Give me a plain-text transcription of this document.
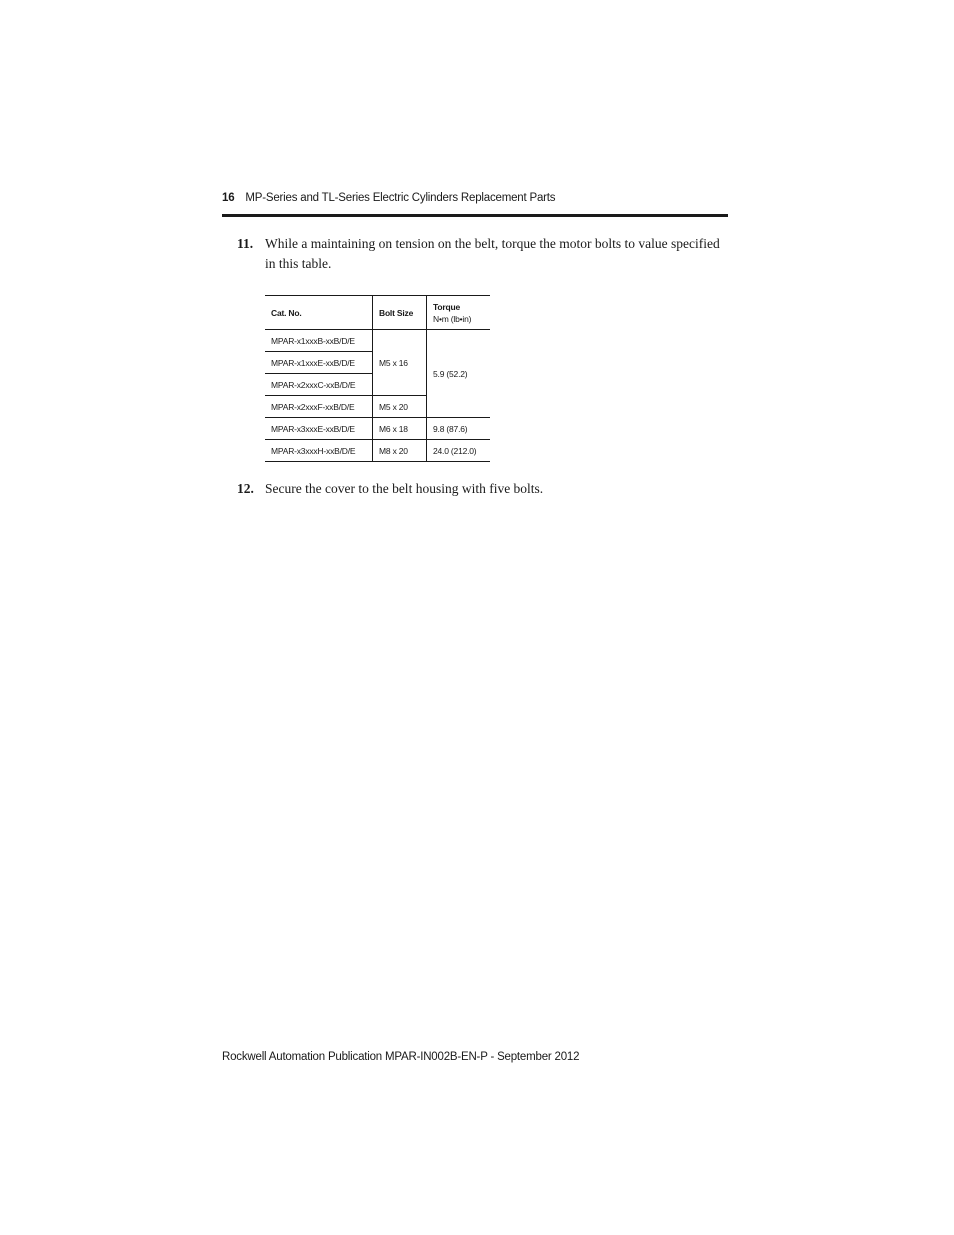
16 MP-Series and TL-Series Electric Cylinders Replacement Parts
11. While a maintaining on tension on the belt, torque the motor bolts to value specified in this table.
Cat. No.	Bolt Size	Torque
N•m (lb•in)

MPAR-x1xxxB-xxB/D/E	M5 x 16	5.9 (52.2)
MPAR-x1xxxE-xxB/D/E		
MPAR-x2xxxC-xxB/D/E		
MPAR-x2xxxF-xxB/D/E	M5 x 20	
MPAR-x3xxxE-xxB/D/E	M6 x 18	9.8 (87.6)
MPAR-x3xxxH-xxB/D/E	M8 x 20	24.0 (212.0)
12. Secure the cover to the belt housing with five bolts.
Rockwell Automation Publication MPAR-IN002B-EN-P - September 2012
